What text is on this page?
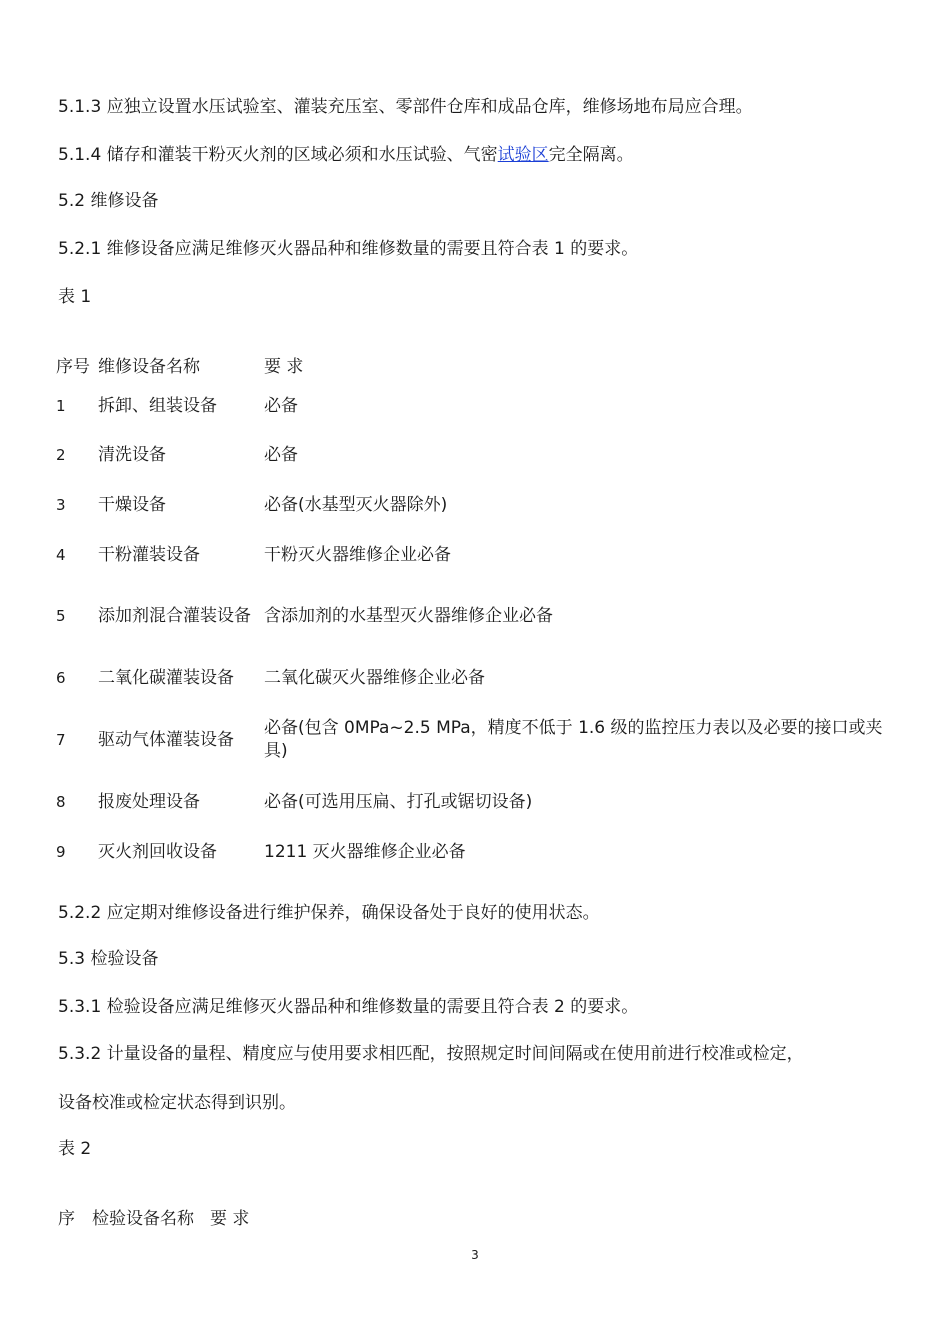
5.1.3 应独立设置水压试验室、灌装充压室、零部件仓库和成品仓库，维修场地布局应合理。
5.1.4 储存和灌装干粉灭火剂的区域必须和水压试验、气密试验区完全隔离。
5.2 维修设备
5.2.1 维修设备应满足维修灭火器品种和维修数量的需要且符合表 1 的要求。
表 1
序号	维修设备名称	要 求
1	拆卸、组装设备	必备
2	清洗设备	必备
3	干燥设备	必备(水基型灭火器除外)
4	干粉灌装设备	干粉灭火器维修企业必备
5	添加剂混合灌装设备	含添加剂的水基型灭火器维修企业必备
6	二氧化碳灌装设备	二氧化碳灭火器维修企业必备
7	驱动气体灌装设备	必备(包含 0MPa~2.5 MPa，精度不低于 1.6 级的监控压力表以及必要的接口或夹具)
8	报废处理设备	必备(可选用压扁、打孔或锯切设备)
9	灭火剂回收设备	1211 灭火器维修企业必备
5.2.2 应定期对维修设备进行维护保养，确保设备处于良好的使用状态。
5.3 检验设备
5.3.1 检验设备应满足维修灭火器品种和维修数量的需要且符合表 2 的要求。
5.3.2 计量设备的量程、精度应与使用要求相匹配，按照规定时间间隔或在使用前进行校准或检定，
设备校准或检定状态得到识别。
表 2
序 检验设备名称 要 求
3
